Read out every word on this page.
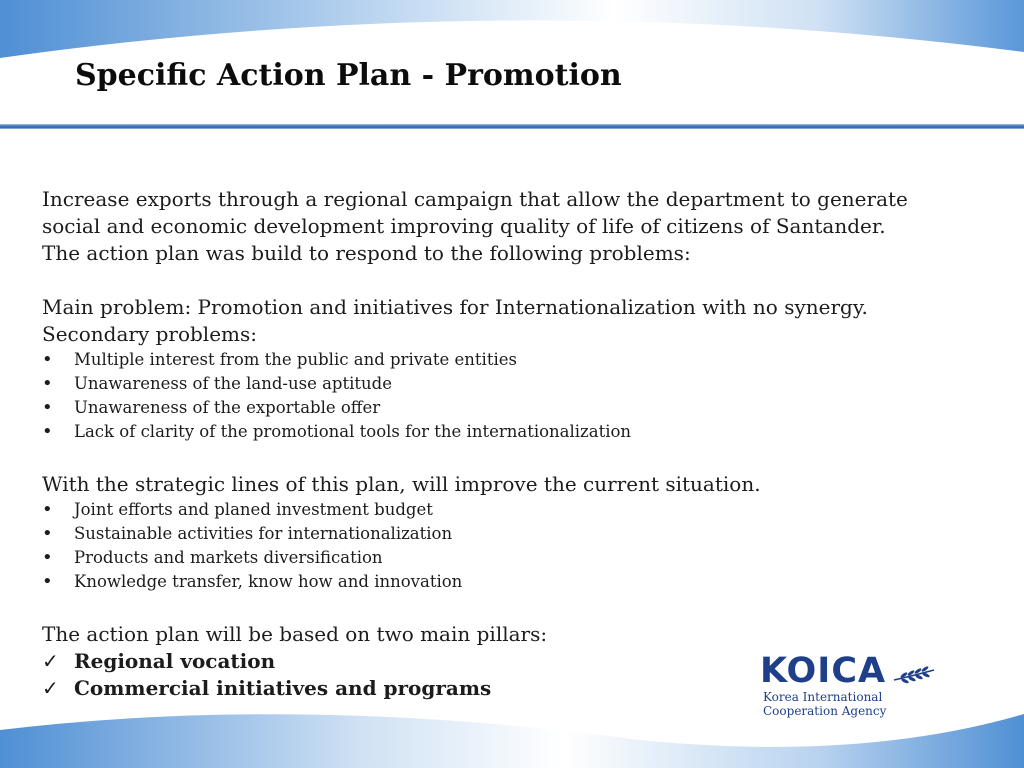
Specific Action Plan - Promotion

Increase exports through a regional campaign that allow the department to generate

social and economic development improving quality of life of citizens of Santander.

The action plan was build to respond to the following problems:

Main problem: Promotion and initiatives for Internationalization with no synergy.

Secondary problems:

• Multiple interest from the public and private entities
• Unawareness of the land-use aptitude
• Unawareness of the exportable offer
• Lack of clarity of the promotional tools for the internationalization

With the strategic lines of this plan, will improve the current situation.

• Joint efforts and planed investment budget
• Sustainable activities for internationalization
• Products and markets diversification
• Knowledge transfer, know how and innovation

The action plan will be based on two main pillars:

✓ Regional vocation
✓ Commercial initiatives and programs	KOICA
Korea International
Cooperation Agency
